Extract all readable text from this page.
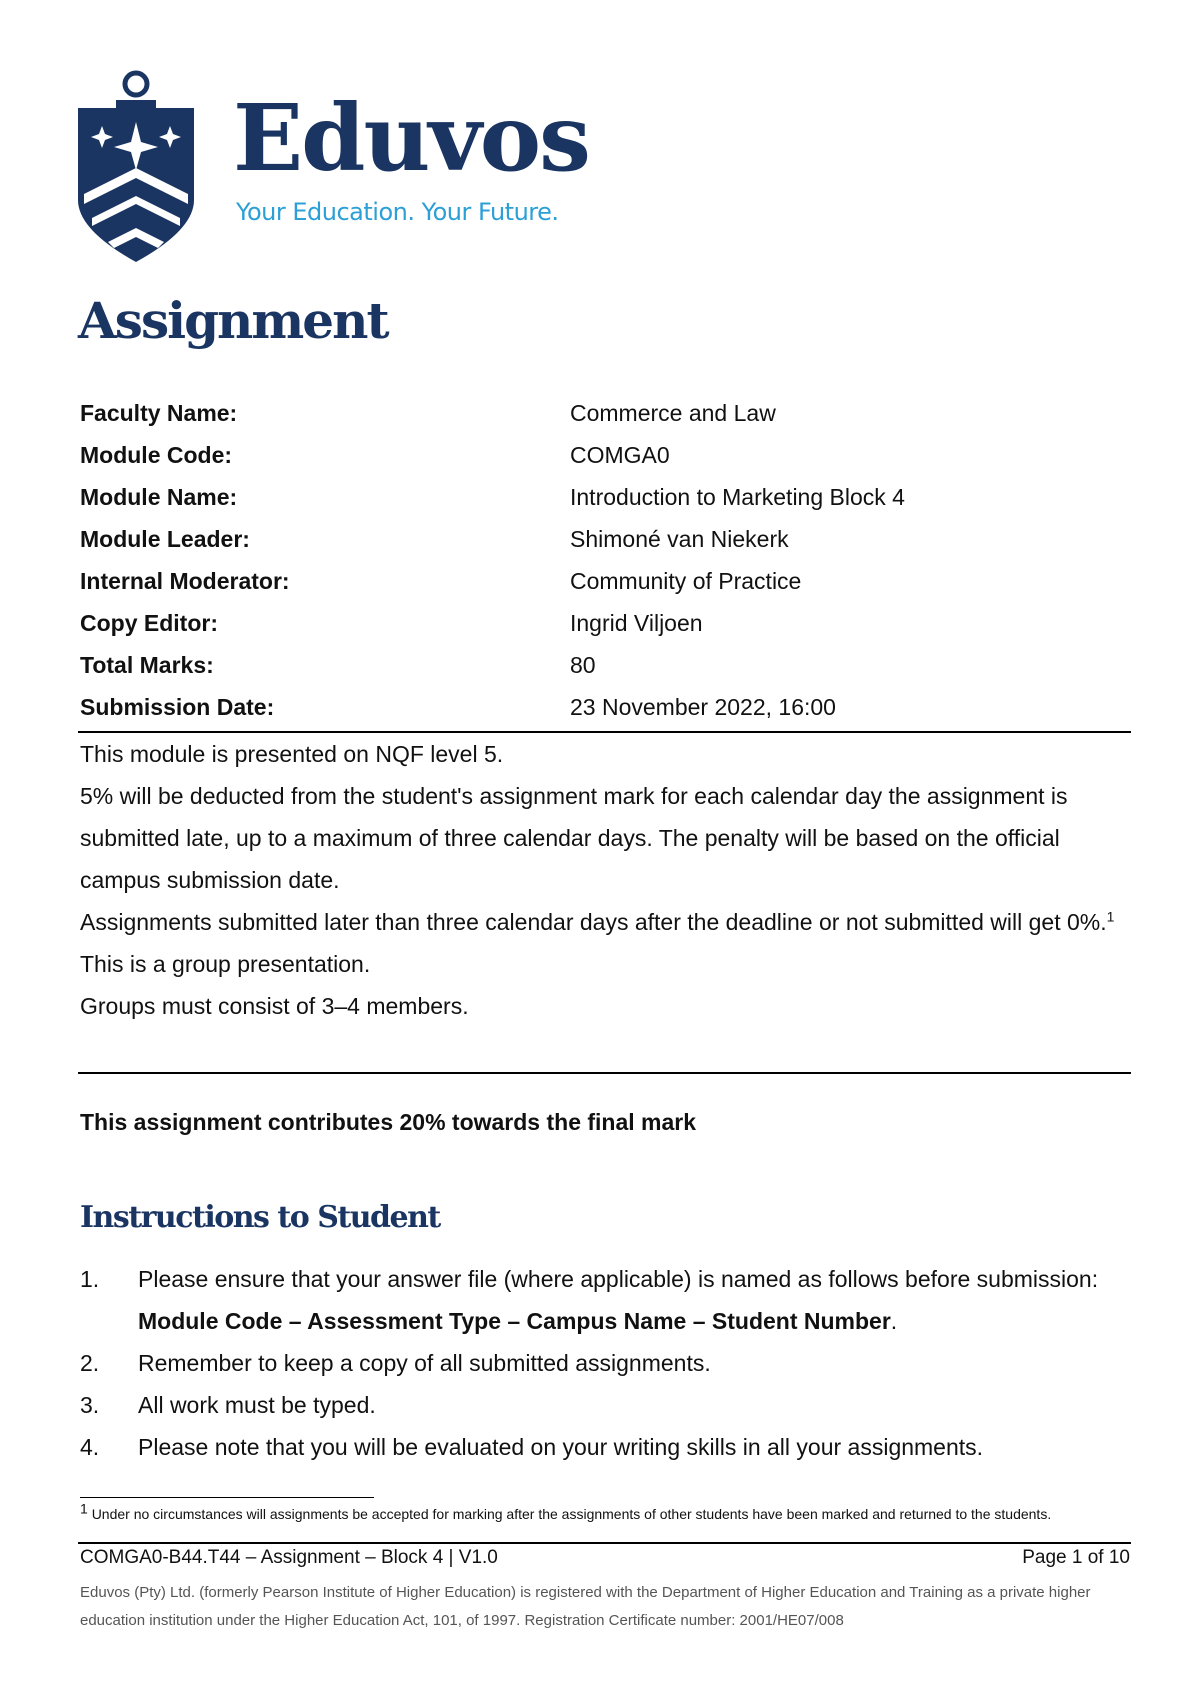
Eduvos
Your Education. Your Future.
Assignment
Faculty Name:	Commerce and Law
Module Code:	COMGA0
Module Name:	Introduction to Marketing Block 4
Module Leader:	Shimoné van Niekerk
Internal Moderator:	Community of Practice
Copy Editor:	Ingrid Viljoen
Total Marks:	80
Submission Date:	23 November 2022, 16:00

This module is presented on NQF level 5.

5% will be deducted from the student's assignment mark for each calendar day the assignment is submitted late, up to a maximum of three calendar days. The penalty will be based on the official campus submission date.

Assignments submitted later than three calendar days after the deadline or not submitted will get 0%.$^1$

This is a group presentation.

Groups must consist of 3–4 members.

This assignment contributes 20% towards the final mark

Instructions to Student
1. Please ensure that your answer file (where applicable) is named as follows before submission: Module Code – Assessment Type – Campus Name – Student Number.
2. Remember to keep a copy of all submitted assignments.
3. All work must be typed.
4. Please note that you will be evaluated on your writing skills in all your assignments.

$^1$ Under no circumstances will assignments be accepted for marking after the assignments of other students have been marked and returned to the students.

COMGA0-B44.T44 – Assignment – Block 4 | V1.0	Page 1 of 10

Eduvos (Pty) Ltd. (formerly Pearson Institute of Higher Education) is registered with the Department of Higher Education and Training as a private higher education institution under the Higher Education Act, 101, of 1997. Registration Certificate number: 2001/HE07/008
